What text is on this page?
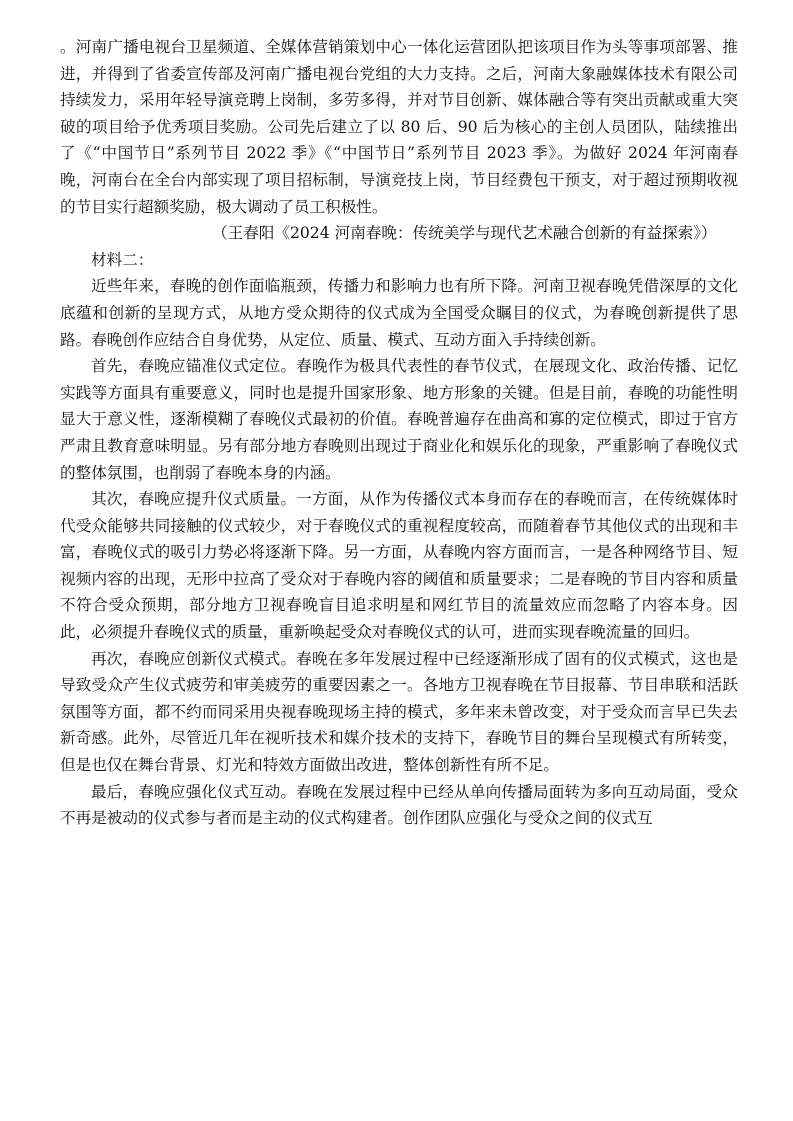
。河南广播电视台卫星频道、全媒体营销策划中心一体化运营团队把该项目作为头等事项部署、推进，并得到了省委宣传部及河南广播电视台党组的大力支持。之后，河南大象融媒体技术有限公司持续发力，采用年轻导演竞聘上岗制，多劳多得，并对节目创新、媒体融合等有突出贡献或重大突破的项目给予优秀项目奖励。公司先后建立了以 80 后、90 后为核心的主创人员团队，陆续推出了《“中国节日”系列节目 2022 季》《“中国节日”系列节目 2023 季》。为做好 2024 年河南春晚，河南台在全台内部实现了项目招标制，导演竞技上岗，节目经费包干预支，对于超过预期收视的节目实行超额奖励，极大调动了员工积极性。

（王春阳《2024 河南春晚：传统美学与现代艺术融合创新的有益探索》）

材料二：

近些年来，春晚的创作面临瓶颈，传播力和影响力也有所下降。河南卫视春晚凭借深厚的文化底蕴和创新的呈现方式，从地方受众期待的仪式成为全国受众瞩目的仪式，为春晚创新提供了思路。春晚创作应结合自身优势，从定位、质量、模式、互动方面入手持续创新。

首先，春晚应锚准仪式定位。春晚作为极具代表性的春节仪式，在展现文化、政治传播、记忆实践等方面具有重要意义，同时也是提升国家形象、地方形象的关键。但是目前，春晚的功能性明显大于意义性，逐渐模糊了春晚仪式最初的价值。春晚普遍存在曲高和寡的定位模式，即过于官方严肃且教育意味明显。另有部分地方春晚则出现过于商业化和娱乐化的现象，严重影响了春晚仪式的整体氛围，也削弱了春晚本身的内涵。

其次，春晚应提升仪式质量。一方面，从作为传播仪式本身而存在的春晚而言，在传统媒体时代受众能够共同接触的仪式较少，对于春晚仪式的重视程度较高，而随着春节其他仪式的出现和丰富，春晚仪式的吸引力势必将逐渐下降。另一方面，从春晚内容方面而言，一是各种网络节目、短视频内容的出现，无形中拉高了受众对于春晚内容的阈值和质量要求；二是春晚的节目内容和质量不符合受众预期，部分地方卫视春晚盲目追求明星和网红节目的流量效应而忽略了内容本身。因此，必须提升春晚仪式的质量，重新唤起受众对春晚仪式的认可，进而实现春晚流量的回归。

再次，春晚应创新仪式模式。春晚在多年发展过程中已经逐渐形成了固有的仪式模式，这也是导致受众产生仪式疲劳和审美疲劳的重要因素之一。各地方卫视春晚在节目报幕、节目串联和活跃氛围等方面，都不约而同采用央视春晚现场主持的模式，多年来未曾改变，对于受众而言早已失去新奇感。此外，尽管近几年在视听技术和媒介技术的支持下，春晚节目的舞台呈现模式有所转变，但是也仅在舞台背景、灯光和特效方面做出改进，整体创新性有所不足。

最后，春晚应强化仪式互动。春晚在发展过程中已经从单向传播局面转为多向互动局面，受众不再是被动的仪式参与者而是主动的仪式构建者。创作团队应强化与受众之间的仪式互
